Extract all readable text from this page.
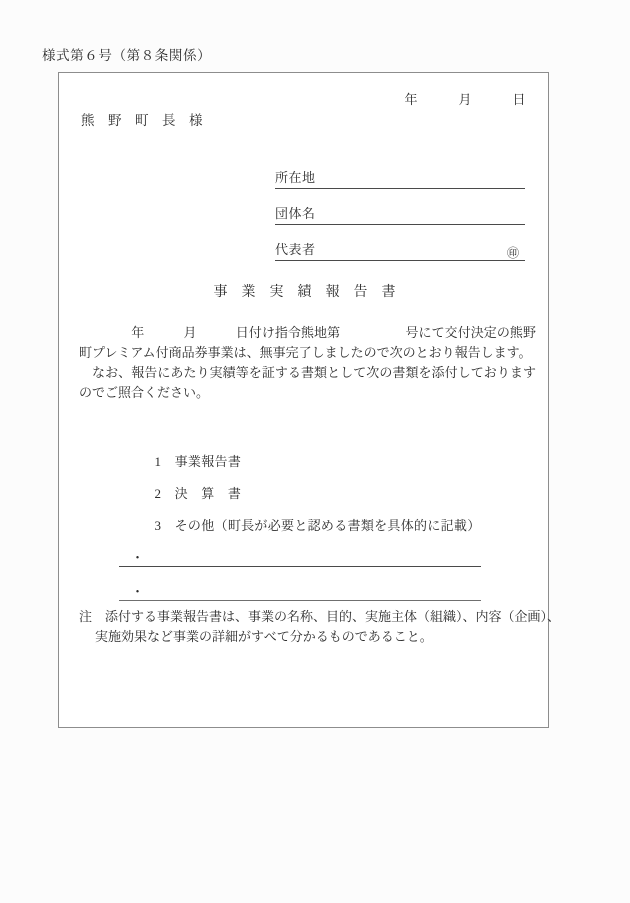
様式第６号（第８条関係）
年　　　月　　　日
熊　野　町　長　様
所在地
団体名
代表者	㊞
事　業　実　績　報　告　書

　　　　年　　　月　　　日付け指令熊地第　　　　　号にて交付決定の熊野町プレミアム付商品券事業は、無事完了しましたので次のとおり報告します。

　なお、報告にあたり実績等を証する書類として次の書類を添付しておりますのでご照合ください。

1　 事業報告書

2　 決　算　書

3　 その他（町長が必要と認める書類を具体的に記載）

・
・
注　添付する事業報告書は、事業の名称、目的、実施主体（組織）、内容（企画）、
実施効果など事業の詳細がすべて分かるものであること。
